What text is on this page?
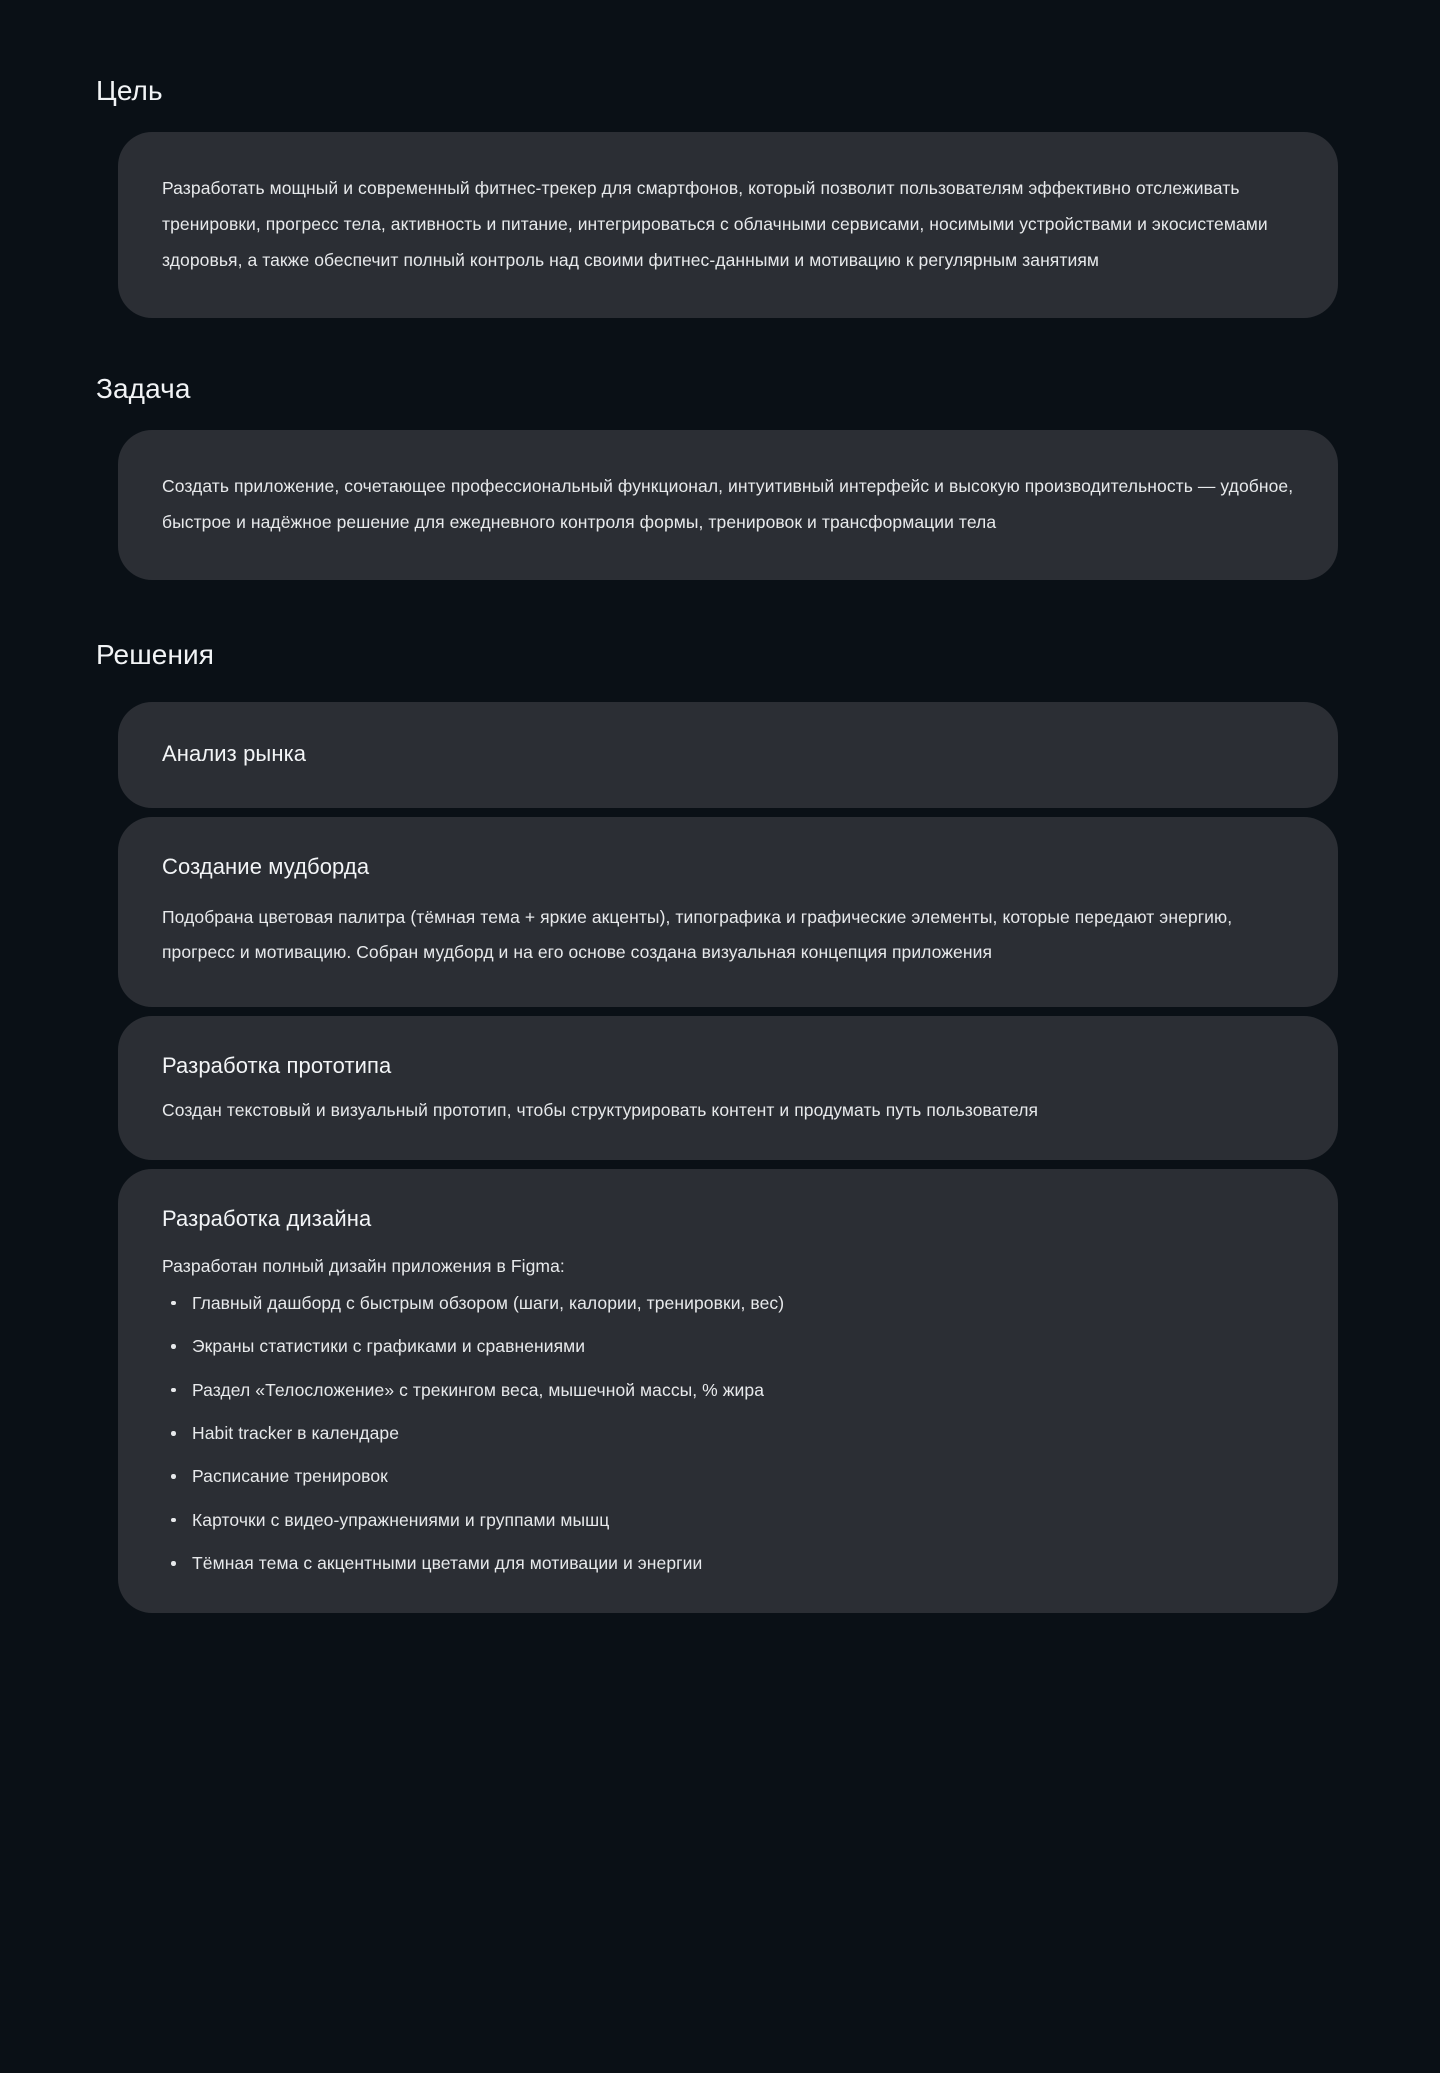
Цель

Разработать мощный и современный фитнес-трекер для смартфонов, который позволит пользователям эффективно отслеживать тренировки, прогресс тела, активность и питание, интегрироваться с облачными сервисами, носимыми устройствами и экосистемами здоровья, а также обеспечит полный контроль над своими фитнес-данными и мотивацию к регулярным занятиям

Задача

Создать приложение, сочетающее профессиональный функционал, интуитивный интерфейс и высокую производительность — удобное, быстрое и надёжное решение для ежедневного контроля формы, тренировок и трансформации тела

Решения
Анализ рынка
Создание мудборда

Подобрана цветовая палитра (тёмная тема + яркие акценты), типографика и графические элементы, которые передают энергию, прогресс и мотивацию. Собран мудборд и на его основе создана визуальная концепция приложения

Разработка прототипа

Создан текстовый и визуальный прототип, чтобы структурировать контент и продумать путь пользователя

Разработка дизайна

Разработан полный дизайн приложения в Figma:

Главный дашборд с быстрым обзором (шаги, калории, тренировки, вес)
Экраны статистики с графиками и сравнениями
Раздел «Телосложение» с трекингом веса, мышечной массы, % жира
Habit tracker в календаре
Расписание тренировок
Карточки с видео-упражнениями и группами мышц
Тёмная тема с акцентными цветами для мотивации и энергии
